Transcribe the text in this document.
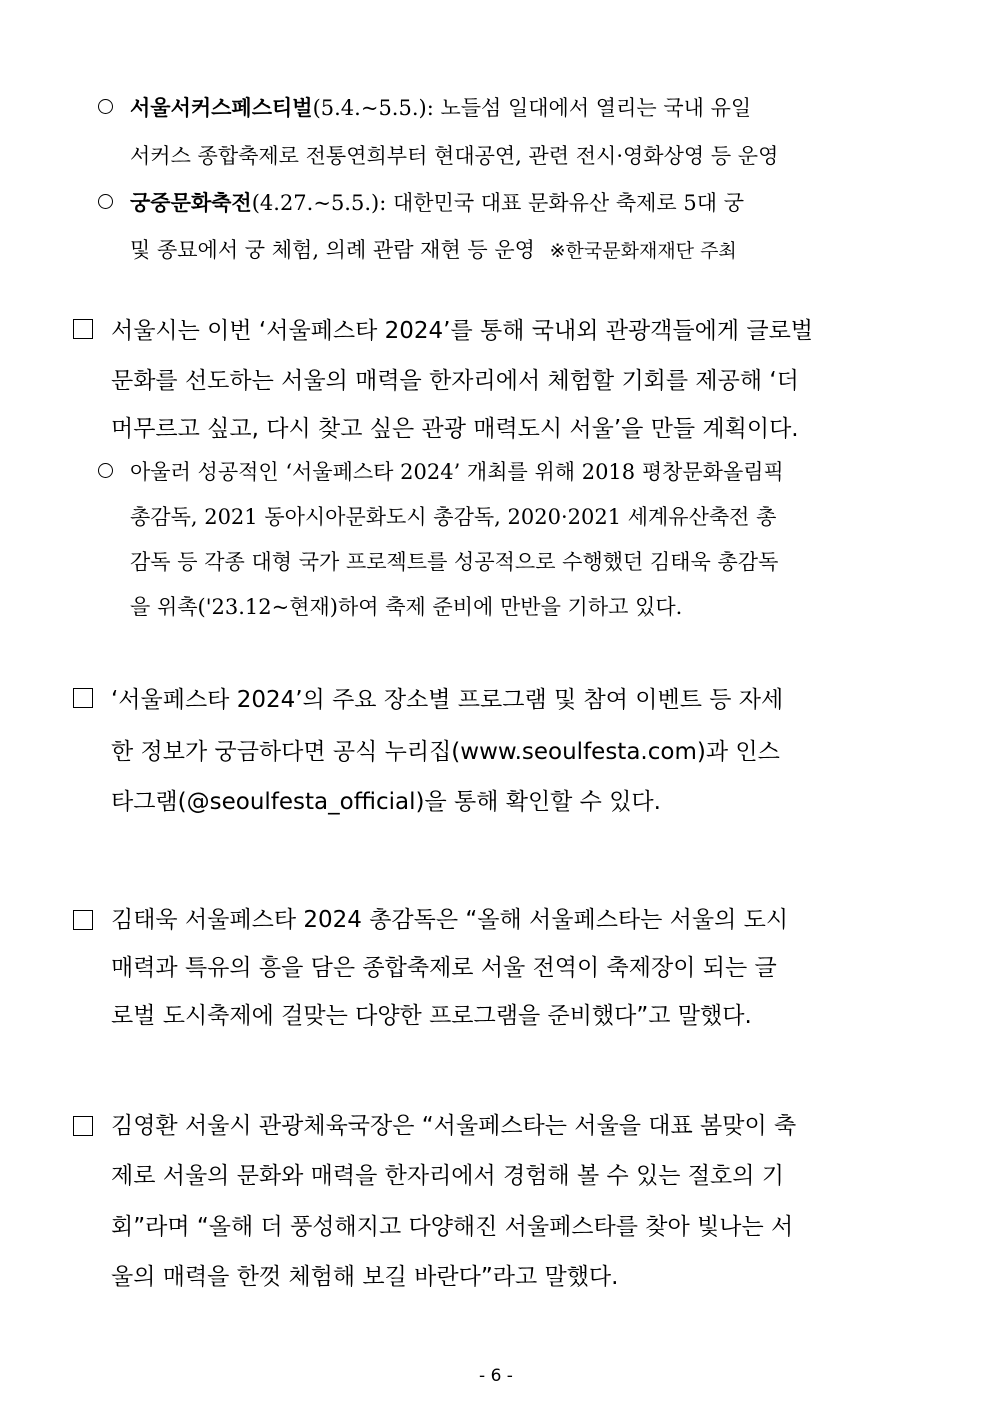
서울서커스페스티벌(5.4.~5.5.): 노들섬 일대에서 열리는 국내 유일
서커스 종합축제로 전통연희부터 현대공연, 관련 전시·영화상영 등 운영
궁중문화축전(4.27.~5.5.): 대한민국 대표 문화유산 축제로 5대 궁
및 종묘에서 궁 체험, 의례 관람 재현 등 운영 ※한국문화재재단 주최
서울시는 이번 ‘서울페스타 2024’를 통해 국내외 관광객들에게 글로벌
문화를 선도하는 서울의 매력을 한자리에서 체험할 기회를 제공해 ‘더
머무르고 싶고, 다시 찾고 싶은 관광 매력도시 서울’을 만들 계획이다.
아울러 성공적인 ‘서울페스타 2024’ 개최를 위해 2018 평창문화올림픽
총감독, 2021 동아시아문화도시 총감독, 2020·2021 세계유산축전 총
감독 등 각종 대형 국가 프로젝트를 성공적으로 수행했던 김태욱 총감독
을 위촉('23.12~현재)하여 축제 준비에 만반을 기하고 있다.
‘서울페스타 2024’의 주요 장소별 프로그램 및 참여 이벤트 등 자세
한 정보가 궁금하다면 공식 누리집(www.seoulfesta.com)과 인스
타그램(@seoulfesta_official)을 통해 확인할 수 있다.
김태욱 서울페스타 2024 총감독은 “올해 서울페스타는 서울의 도시
매력과 특유의 흥을 담은 종합축제로 서울 전역이 축제장이 되는 글
로벌 도시축제에 걸맞는 다양한 프로그램을 준비했다”고 말했다.
김영환 서울시 관광체육국장은 “서울페스타는 서울을 대표 봄맞이 축
제로 서울의 문화와 매력을 한자리에서 경험해 볼 수 있는 절호의 기
회”라며 “올해 더 풍성해지고 다양해진 서울페스타를 찾아 빛나는 서
울의 매력을 한껏 체험해 보길 바란다”라고 말했다.
- 6 -
